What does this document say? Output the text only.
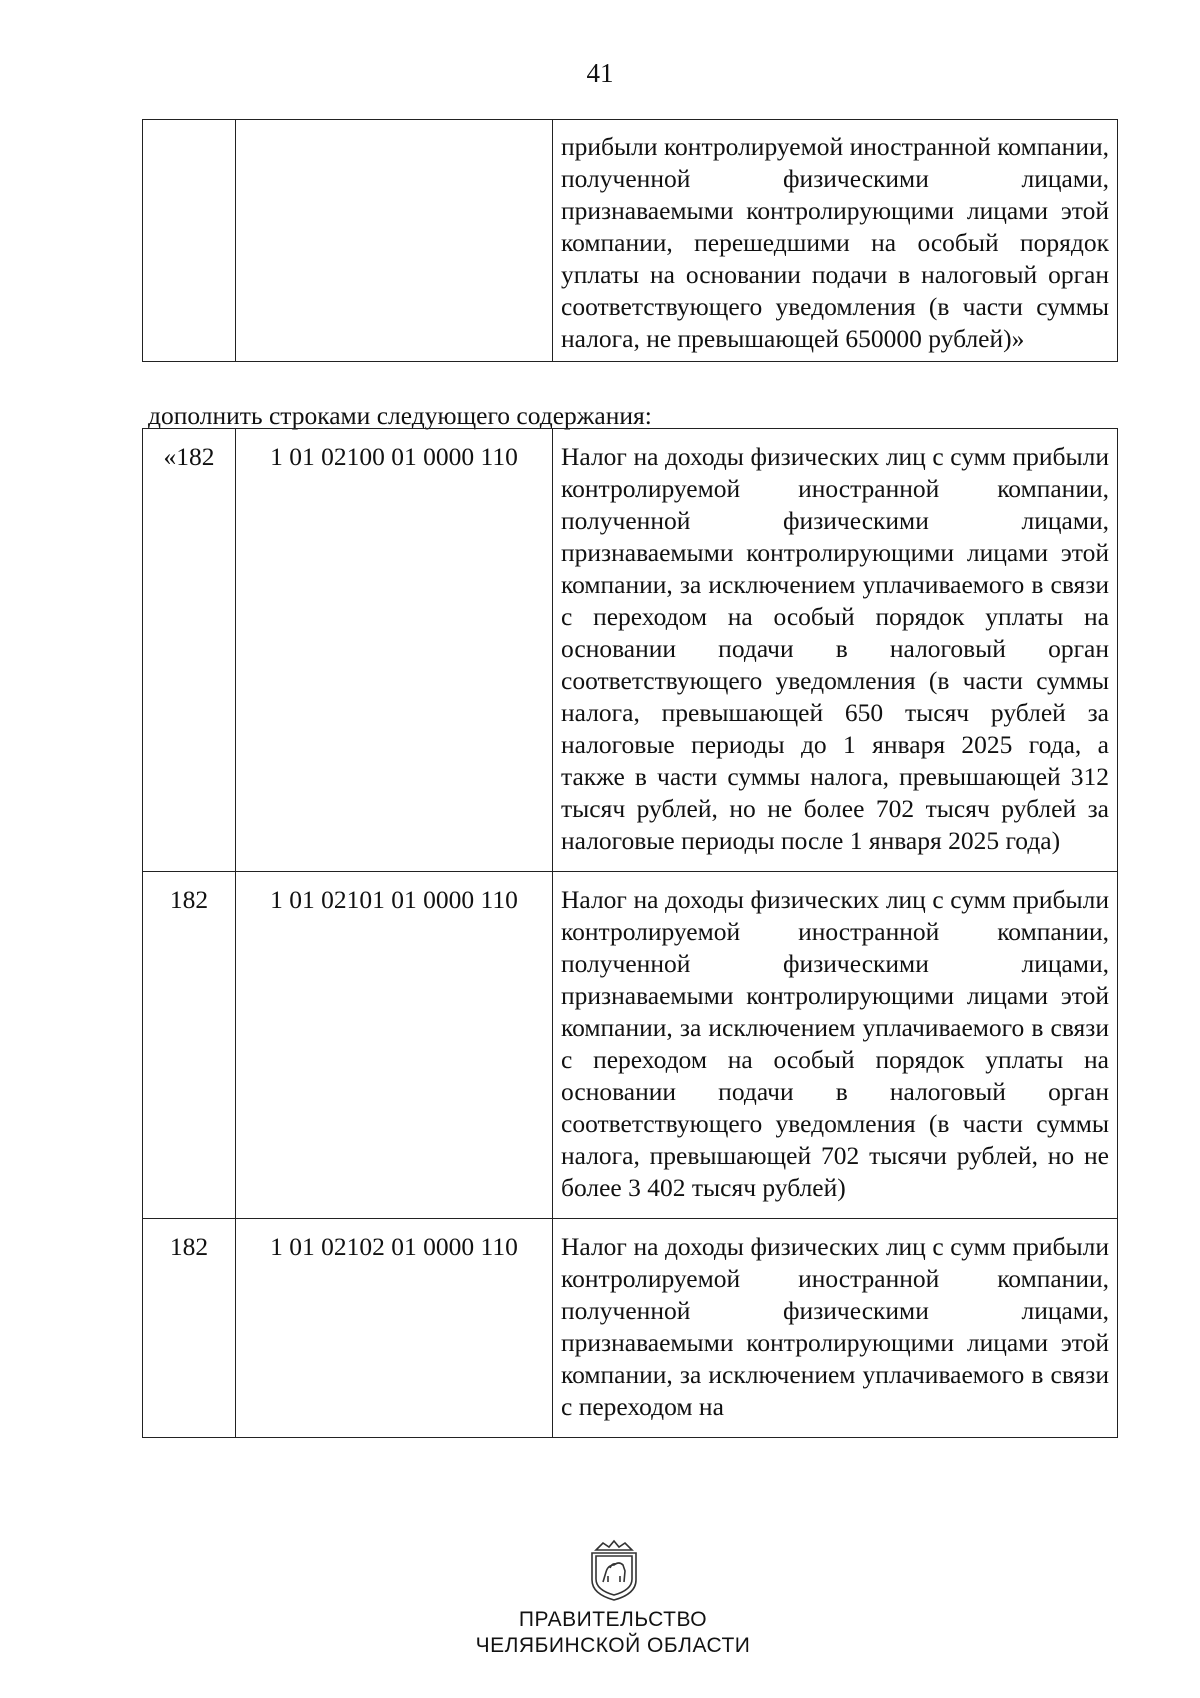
41
		прибыли контролируемой иностранной компании, полученной физическими лицами, признаваемыми контролирующими лицами этой компании, перешедшими на особый порядок уплаты на основании подачи в налоговый орган соответствующего уведомления (в части суммы налога, не превышающей 650000 рублей)»
дополнить строками следующего содержания:
«182	1 01 02100 01 0000 110	Налог на доходы физических лиц с сумм прибыли контролируемой иностранной компании, полученной физическими лицами, признаваемыми контролирующими лицами этой компании, за исключением уплачиваемого в связи с переходом на особый порядок уплаты на основании подачи в налоговый орган соответствующего уведомления (в части суммы налога, превышающей 650 тысяч рублей за налоговые периоды до 1 января 2025 года, а также в части суммы налога, превышающей 312 тысяч рублей, но не более 702 тысяч рублей за налоговые периоды после 1 января 2025 года)
182	1 01 02101 01 0000 110	Налог на доходы физических лиц с сумм прибыли контролируемой иностранной компании, полученной физическими лицами, признаваемыми контролирующими лицами этой компании, за исключением уплачиваемого в связи с переходом на особый порядок уплаты на основании подачи в налоговый орган соответствующего уведомления (в части суммы налога, превышающей 702 тысячи рублей, но не более 3 402 тысяч рублей)
182	1 01 02102 01 0000 110	Налог на доходы физических лиц с сумм прибыли контролируемой иностранной компании, полученной физическими лицами, признаваемыми контролирующими лицами этой компании, за исключением уплачиваемого в связи с переходом на
ПРАВИТЕЛЬСТВО
ЧЕЛЯБИНСКОЙ ОБЛАСТИ
